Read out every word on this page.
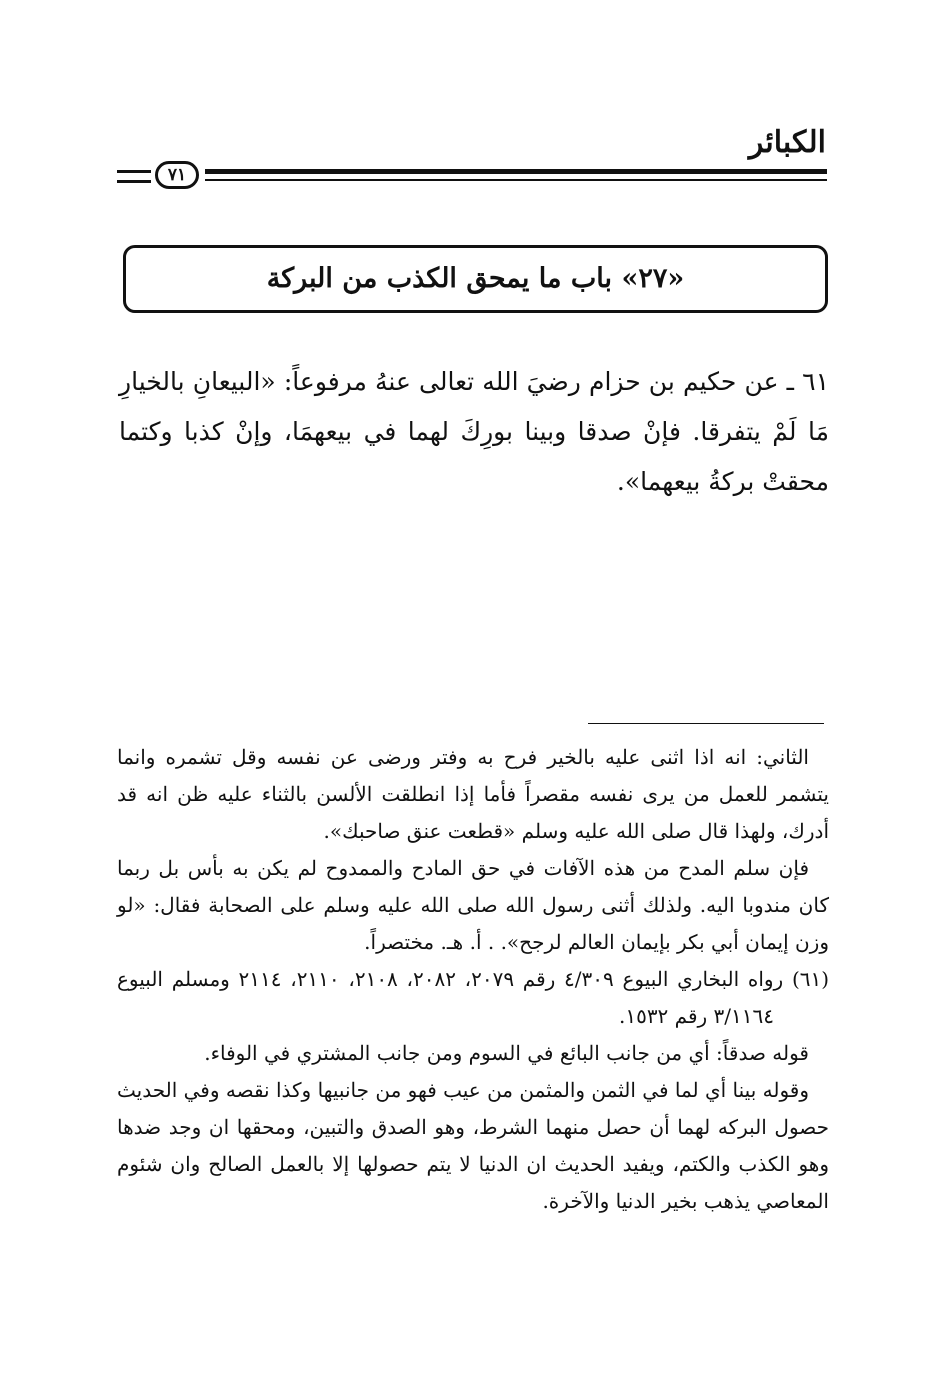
الكبائر
٧١
«٢٧» باب ما يمحق الكذب من البركة
٦١ ـ عن حكيم بن حزام رضيَ الله تعالى عنهُ مرفوعاً: «البيعانِ بالخيارِ مَا لَمْ يتفرقا. فإنْ صدقا وبينا بورِكَ لهما في بيعهمَا، وإنْ كذبا وكتما محقتْ بركةُ بيعهما».

الثاني: انه اذا اثنى عليه بالخير فرح به وفتر ورضى عن نفسه وقل تشمره وانما يتشمر للعمل من يرى نفسه مقصراً فأما إذا انطلقت الألسن بالثناء عليه ظن انه قد أدرك، ولهذا قال صلى الله عليه وسلم «قطعت عنق صاحبك».

فإن سلم المدح من هذه الآفات في حق المادح والممدوح لم يكن به بأس بل ربما كان مندوبا اليه. ولذلك أثنى رسول الله صلى الله عليه وسلم على الصحابة فقال: «لو وزن إيمان أبي بكر بإيمان العالم لرجح». . أ. هـ. مختصراً.

(٦١) رواه البخاري البيوع ٤/٣٠٩ رقم ٢٠٧٩، ٢٠٨٢، ٢١٠٨، ٢١١٠، ٢١١٤ ومسلم البيوع ٣/١١٦٤ رقم ١٥٣٢.

قوله صدقاً: أي من جانب البائع في السوم ومن جانب المشتري في الوفاء.

وقوله بينا أي لما في الثمن والمثمن من عيب فهو من جانبيها وكذا نقصه وفي الحديث حصول البركه لهما أن حصل منهما الشرط، وهو الصدق والتبين، ومحقها ان وجد ضدها وهو الكذب والكتم، ويفيد الحديث ان الدنيا لا يتم حصولها إلا بالعمل الصالح وان شئوم المعاصي يذهب بخير الدنيا والآخرة.
